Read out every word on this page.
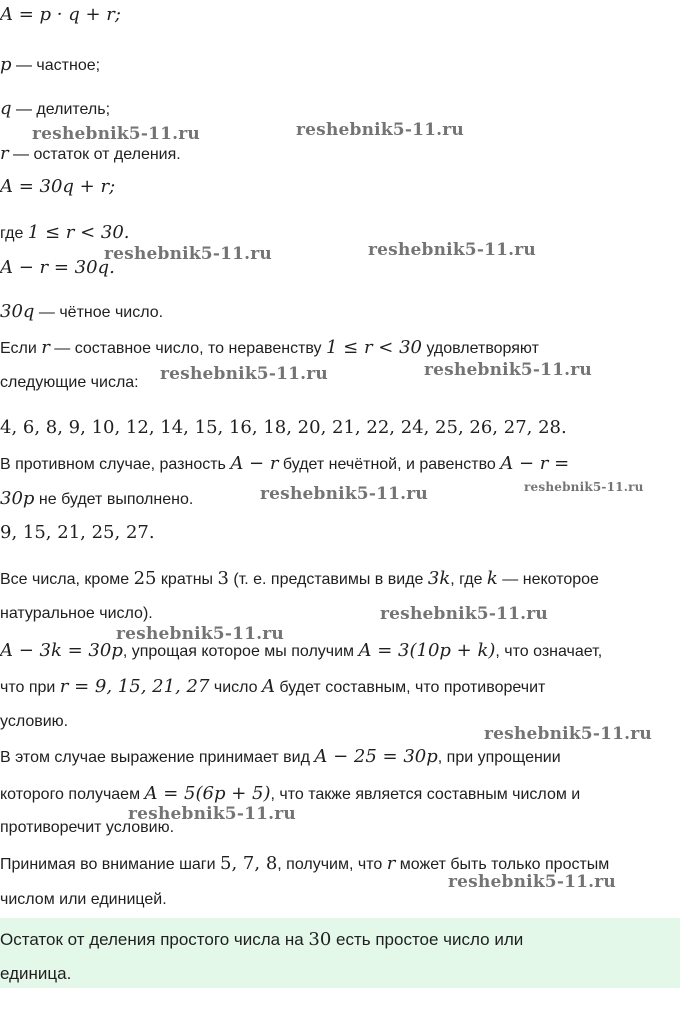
A = p · q + r;
p — частное;
q — делитель;
r — остаток от деления.
A = 30q + r;
где 1 ≤ r < 30.
A − r = 30q.
30q — чётное число.
Если r — составное число, то неравенству 1 ≤ r < 30 удовлетворяют
следующие числа:
4, 6, 8, 9, 10, 12, 14, 15, 16, 18, 20, 21, 22, 24, 25, 26, 27, 28.
В противном случае, разность A − r будет нечётной, и равенство A − r =
30p не будет выполнено.
9, 15, 21, 25, 27.
Все числа, кроме 25 кратны 3 (т. е. представимы в виде 3k, где k — некоторое
натуральное число).
A − 3k = 30p, упрощая которое мы получим A = 3(10p + k), что означает,
что при r = 9, 15, 21, 27 число A будет составным, что противоречит
условию.
В этом случае выражение принимает вид A − 25 = 30p, при упрощении
которого получаем A = 5(6p + 5), что также является составным числом и
противоречит условию.
Принимая во внимание шаги 5, 7, 8, получим, что r может быть только простым
числом или единицей.
Остаток от деления простого числа на 30 есть простое число или
единица.
reshebnik5-11.ru	reshebnik5-11.ru
reshebnik5-11.ru	reshebnik5-11.ru
reshebnik5-11.ru	reshebnik5-11.ru
reshebnik5-11.ru	reshebnik5-11.ru
reshebnik5-11.ru
reshebnik5-11.ru
reshebnik5-11.ru
reshebnik5-11.ru
reshebnik5-11.ru
